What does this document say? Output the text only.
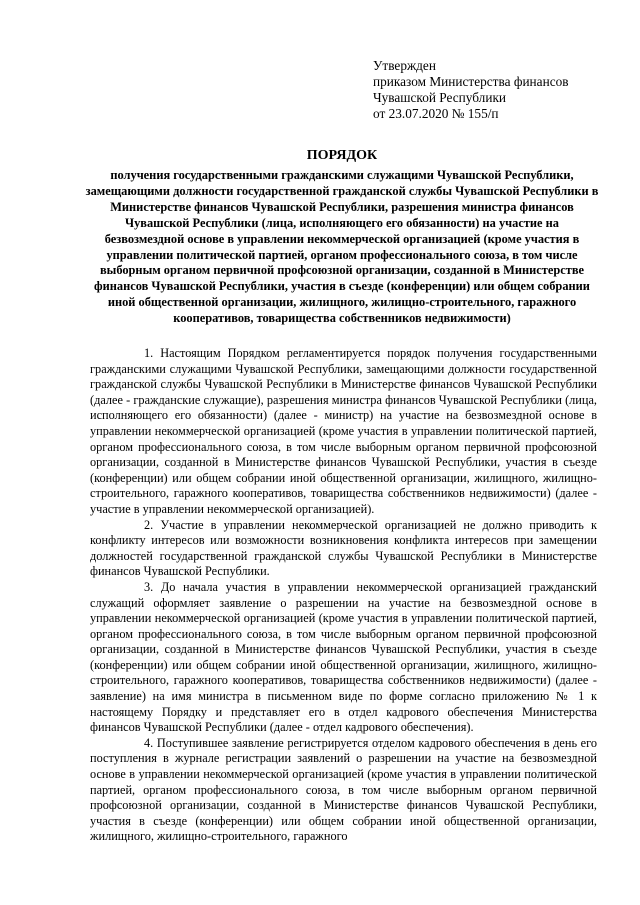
Утвержден
приказом Министерства финансов
Чувашской Республики
от 23.07.2020 № 155/п
ПОРЯДОК
получения государственными гражданскими служащими Чувашской Республики, замещающими должности государственной гражданской службы Чувашской Республики в Министерстве финансов Чувашской Республики, разрешения министра финансов Чувашской Республики (лица, исполняющего его обязанности) на участие на безвозмездной основе в управлении некоммерческой организацией (кроме участия в управлении политической партией, органом профессионального союза, в том числе выборным органом первичной профсоюзной организации, созданной в Министерстве финансов Чувашской Республики, участия в съезде (конференции) или общем собрании иной общественной организации, жилищного, жилищно-строительного, гаражного кооперативов, товарищества собственников недвижимости)

1. Настоящим Порядком регламентируется порядок получения государственными гражданскими служащими Чувашской Республики, замещающими должности государственной гражданской службы Чувашской Республики в Министерстве финансов Чувашской Республики (далее - гражданские служащие), разрешения министра финансов Чувашской Республики (лица, исполняющего его обязанности) (далее - министр) на участие на безвозмездной основе в управлении некоммерческой организацией (кроме участия в управлении политической партией, органом профессионального союза, в том числе выборным органом первичной профсоюзной организации, созданной в Министерстве финансов Чувашской Республики, участия в съезде (конференции) или общем собрании иной общественной организации, жилищного, жилищно-строительного, гаражного кооперативов, товарищества собственников недвижимости) (далее - участие в управлении некоммерческой организацией).

2. Участие в управлении некоммерческой организацией не должно приводить к конфликту интересов или возможности возникновения конфликта интересов при замещении должностей государственной гражданской службы Чувашской Республики в Министерстве финансов Чувашской Республики.

3. До начала участия в управлении некоммерческой организацией гражданский служащий оформляет заявление о разрешении на участие на безвозмездной основе в управлении некоммерческой организацией (кроме участия в управлении политической партией, органом профессионального союза, в том числе выборным органом первичной профсоюзной организации, созданной в Министерстве финансов Чувашской Республики, участия в съезде (конференции) или общем собрании иной общественной организации, жилищного, жилищно-строительного, гаражного кооперативов, товарищества собственников недвижимости) (далее - заявление) на имя министра в письменном виде по форме согласно приложению № 1 к настоящему Порядку и представляет его в отдел кадрового обеспечения Министерства финансов Чувашской Республики (далее - отдел кадрового обеспечения).

4. Поступившее заявление регистрируется отделом кадрового обеспечения в день его поступления в журнале регистрации заявлений о разрешении на участие на безвозмездной основе в управлении некоммерческой организацией (кроме участия в управлении политической партией, органом профессионального союза, в том числе выборным органом первичной профсоюзной организации, созданной в Министерстве финансов Чувашской Республики, участия в съезде (конференции) или общем собрании иной общественной организации, жилищного, жилищно-строительного, гаражного
